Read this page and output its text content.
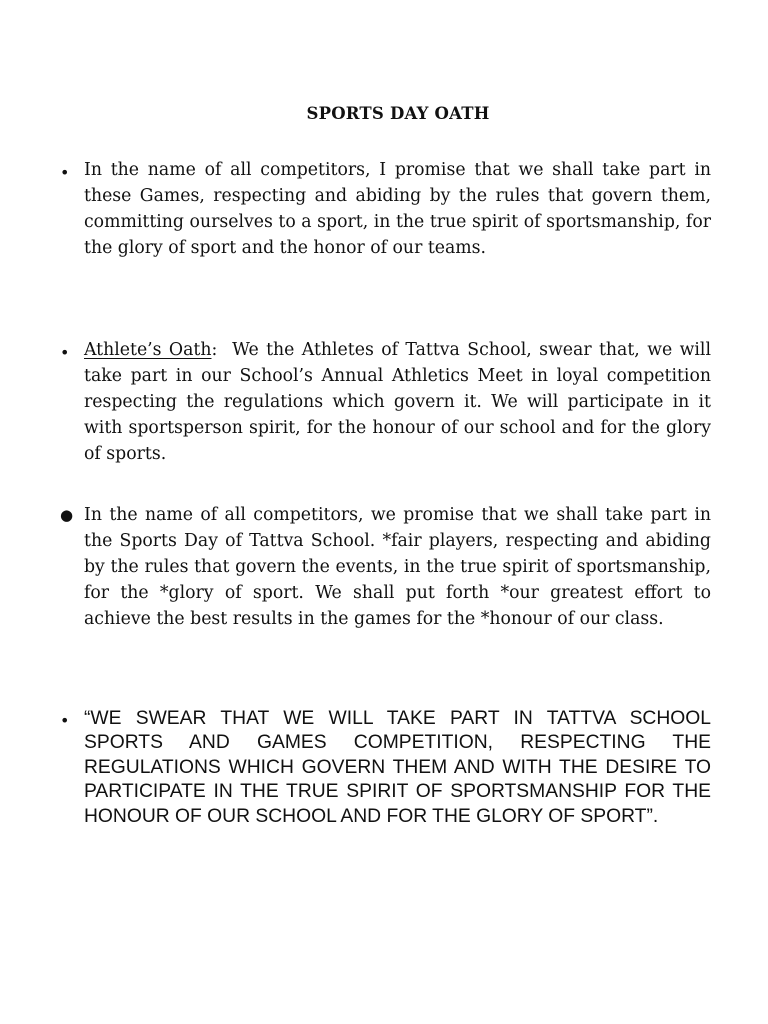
SPORTS DAY OATH
• In the name of all competitors, I promise that we shall take part in these Games, respecting and abiding by the rules that govern them, committing ourselves to a sport, in the true spirit of sportsmanship, for the glory of sport and the honor of our teams.
• Athlete’s Oath: We the Athletes of Tattva School, swear that, we will take part in our School’s Annual Athletics Meet in loyal competition respecting the regulations which govern it. We will participate in it with sportsperson spirit, for the honour of our school and for the glory of sports.
● In the name of all competitors, we promise that we shall take part in the Sports Day of Tattva School. *fair players, respecting and abiding by the rules that govern the events, in the true spirit of sportsmanship, for the *glory of sport. We shall put forth *our greatest effort to achieve the best results in the games for the *honour of our class.
• “WE SWEAR THAT WE WILL TAKE PART IN TATTVA SCHOOL SPORTS AND GAMES COMPETITION, RESPECTING THE REGULATIONS WHICH GOVERN THEM AND WITH THE DESIRE TO PARTICIPATE IN THE TRUE SPIRIT OF SPORTSMANSHIP FOR THE HONOUR OF OUR SCHOOL AND FOR THE GLORY OF SPORT”.
